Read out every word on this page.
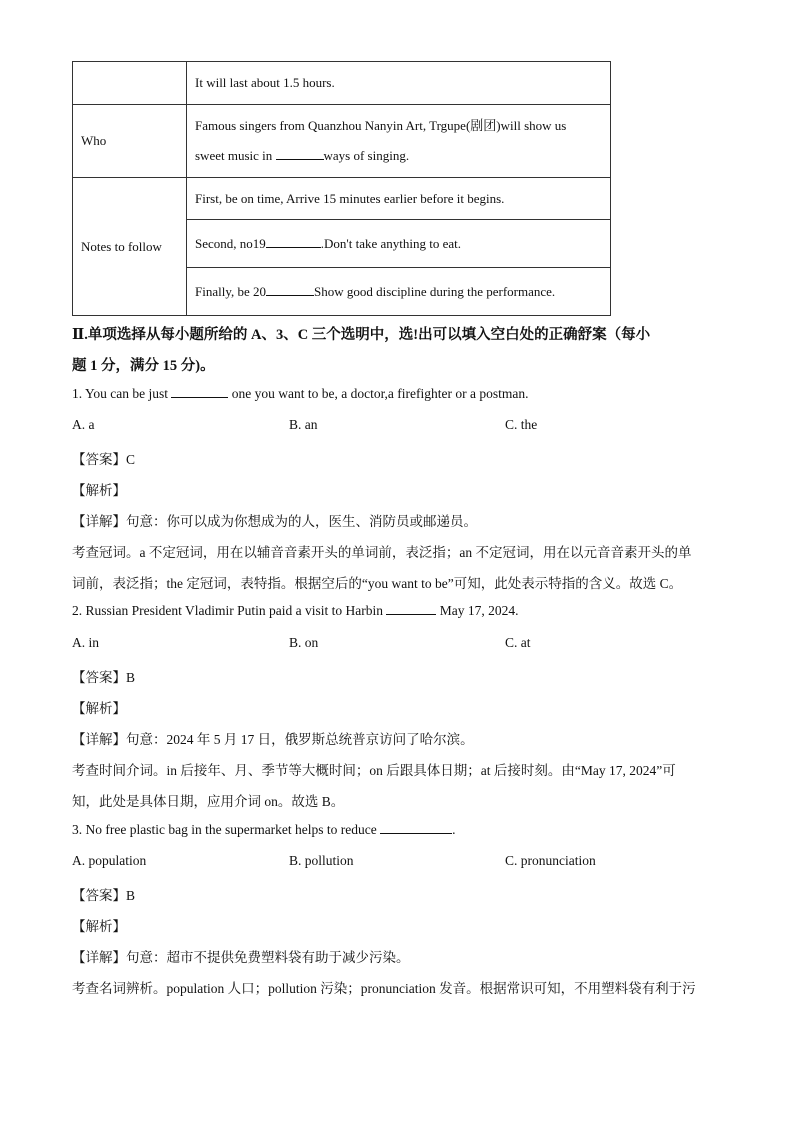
	It will last about 1.5 hours.
Who	Famous singers from Quanzhou Nanyin Art, Trgupe(剧团)will show us
sweet music in ways of singing.

Notes to follow	First, be on time, Arrive 15 minutes earlier before it begins.
	Second, no19 .Don't take anything to eat.
	Finally, be 20 Show good discipline during the performance.
Ⅱ.单项选择从每小题所给的 A、3、C 三个选明中，选!出可以填入空白处的正确舒案（每小
题 1 分，满分 15 分)。
1. You can be just	one you want to be, a doctor,a firefighter or a postman.
A. a	B. an	C. the
【答案】C
【解析】
【详解】句意：你可以成为你想成为的人，医生、消防员或邮递员。
考查冠词。a 不定冠词，用在以辅音音素开头的单词前，表泛指；an 不定冠词，用在以元音音素开头的单
词前，表泛指；the 定冠词，表特指。根据空后的“you want to be”可知，此处表示特指的含义。故选 C。
2. Russian President Vladimir Putin paid a visit to Harbin	May 17, 2024.
A. in	B. on	C. at
【答案】B
【解析】
【详解】句意：2024 年 5 月 17 日，俄罗斯总统普京访问了哈尔滨。
考查时间介词。in 后接年、月、季节等大概时间；on 后跟具体日期；at 后接时刻。由“May 17, 2024”可
知，此处是具体日期，应用介词 on。故选 B。
3. No free plastic bag in the supermarket helps to reduce	.
A. population	B. pollution	C. pronunciation
【答案】B
【解析】
【详解】句意：超市不提供免费塑料袋有助于减少污染。
考查名词辨析。population 人口；pollution 污染；pronunciation 发音。根据常识可知，不用塑料袋有利于污
